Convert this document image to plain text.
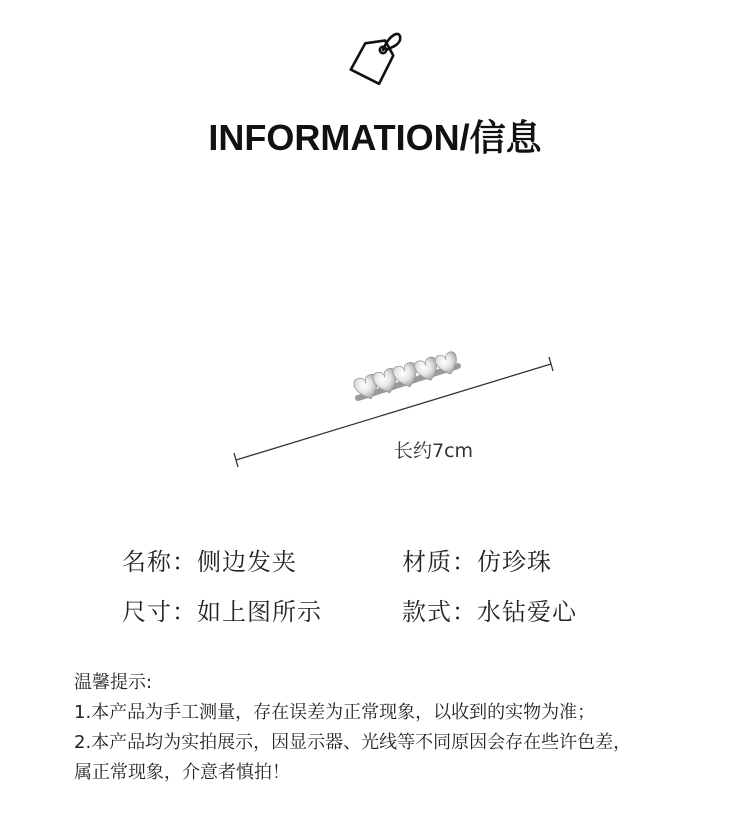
INFORMATION/信息
长约7cm
名称：侧边发夹	材质：仿珍珠
尺寸：如上图所示	款式：水钻爱心
温馨提示:
1.本产品为手工测量，存在误差为正常现象，以收到的实物为准；
2.本产品均为实拍展示，因显示器、光线等不同原因会存在些许色差，
属正常现象，介意者慎拍！
